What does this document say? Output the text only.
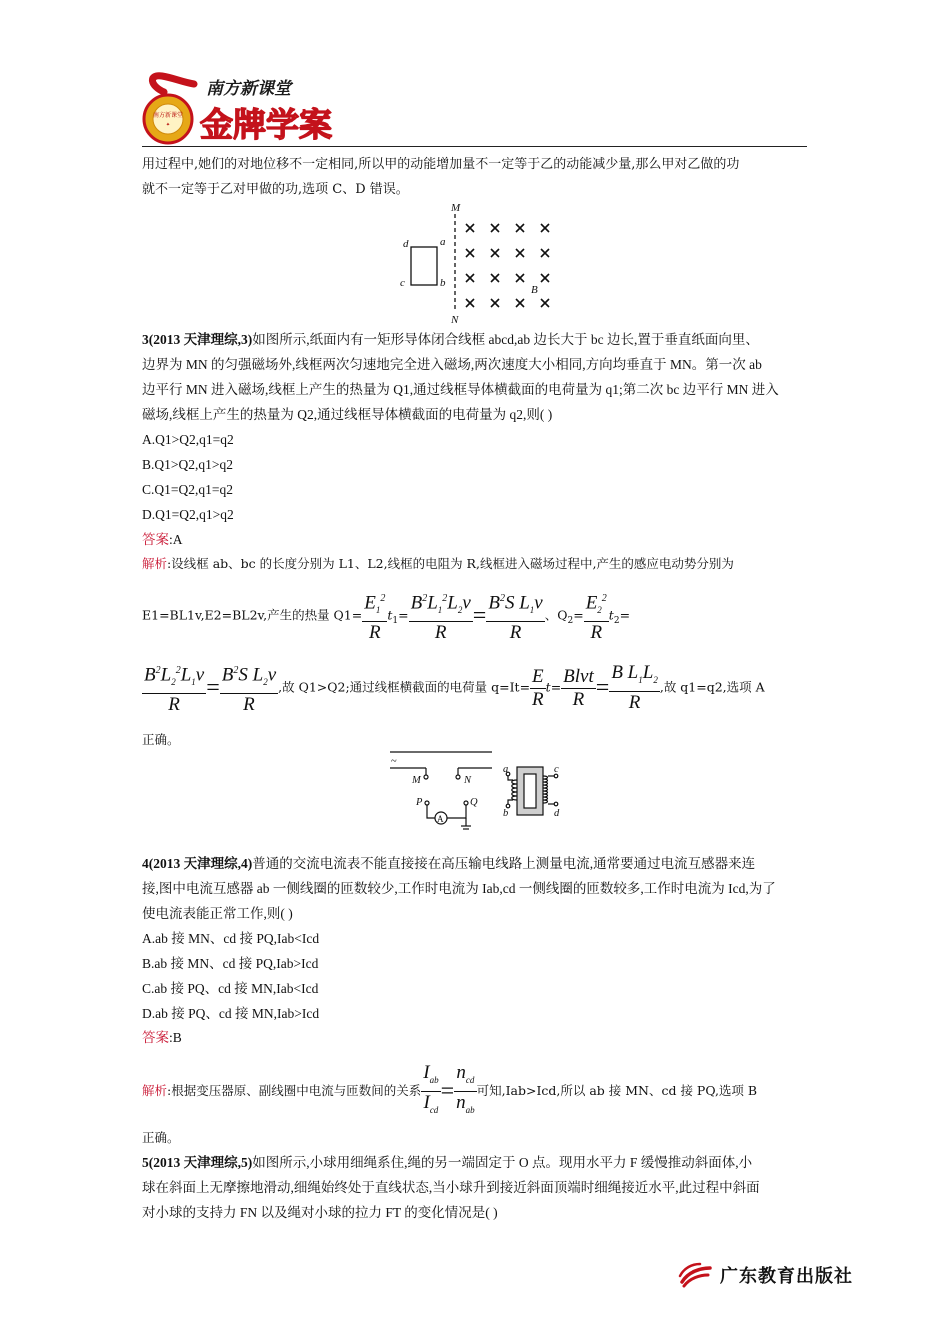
南方新课堂
✦
南方新课堂
金牌学案
用过程中,她们的对地位移不一定相同,所以甲的动能增加量不一定等于乙的动能减少量,那么甲对乙做的功
就不一定等于乙对甲做的功,选项 C、D 错误。
M
N
d	a
c	b
B
3(2013 天津理综,3)如图所示,纸面内有一矩形导体闭合线框 abcd,ab 边长大于 bc 边长,置于垂直纸面向里、
边界为 MN 的匀强磁场外,线框两次匀速地完全进入磁场,两次速度大小相同,方向均垂直于 MN。第一次 ab
边平行 MN 进入磁场,线框上产生的热量为 Q1,通过线框导体横截面的电荷量为 q1;第二次 bc 边平行 MN 进入
磁场,线框上产生的热量为 Q2,通过线框导体横截面的电荷量为 q2,则( )
A.Q1>Q2,q1=q2
B.Q1>Q2,q1>q2
C.Q1=Q2,q1=q2
D.Q1=Q2,q1>q2
答案:A
解析:设线框 ab、bc 的长度分别为 L1、L2,线框的电阻为 R,线框进入磁场过程中,产生的感应电动势分别为
E1=BL1v,E2=BL2v,产生的热量 $Q1= \frac{E_1^2}{R} t_1= \frac{B^2L_1^2L_2v}{R} = \frac{B^2S L_1v}{R}$ 、$Q_2= \frac{E_2^2}{R} t_2=$
$\frac{B^2L_2^2L_1v}{R} = \frac{B^2S L_2v}{R}$ ,故 Q1>Q2;通过线框横截面的电荷量 $q=It= \frac{E}{R} t= \frac{\text{Blvt}}{R} = \frac{B L_1L_2}{R}$ ,故 q1=q2,选项 A
正确。
~
M	N
P	Q
A
a
b
c
d
4(2013 天津理综,4)普通的交流电流表不能直接接在高压输电线路上测量电流,通常要通过电流互感器来连
接,图中电流互感器 ab 一侧线圈的匝数较少,工作时电流为 Iab,cd 一侧线圈的匝数较多,工作时电流为 Icd,为了
使电流表能正常工作,则( )
A.ab 接 MN、cd 接 PQ,Iab<Icd
B.ab 接 MN、cd 接 PQ,Iab>Icd
C.ab 接 PQ、cd 接 MN,Iab<Icd
D.ab 接 PQ、cd 接 MN,Iab>Icd
答案:B
解析:根据变压器原、副线圈中电流与匝数间的关系 $\frac{I_{ab}}{I_{cd}} = \frac{n_{cd}}{n_{ab}}$ 可知,Iab>Icd,所以 ab 接 MN、cd 接 PQ,选项 B
正确。
5(2013 天津理综,5)如图所示,小球用细绳系住,绳的另一端固定于 O 点。现用水平力 F 缓慢推动斜面体,小
球在斜面上无摩擦地滑动,细绳始终处于直线状态,当小球升到接近斜面顶端时细绳接近水平,此过程中斜面
对小球的支持力 FN 以及绳对小球的拉力 FT 的变化情况是( )
广东教育出版社
